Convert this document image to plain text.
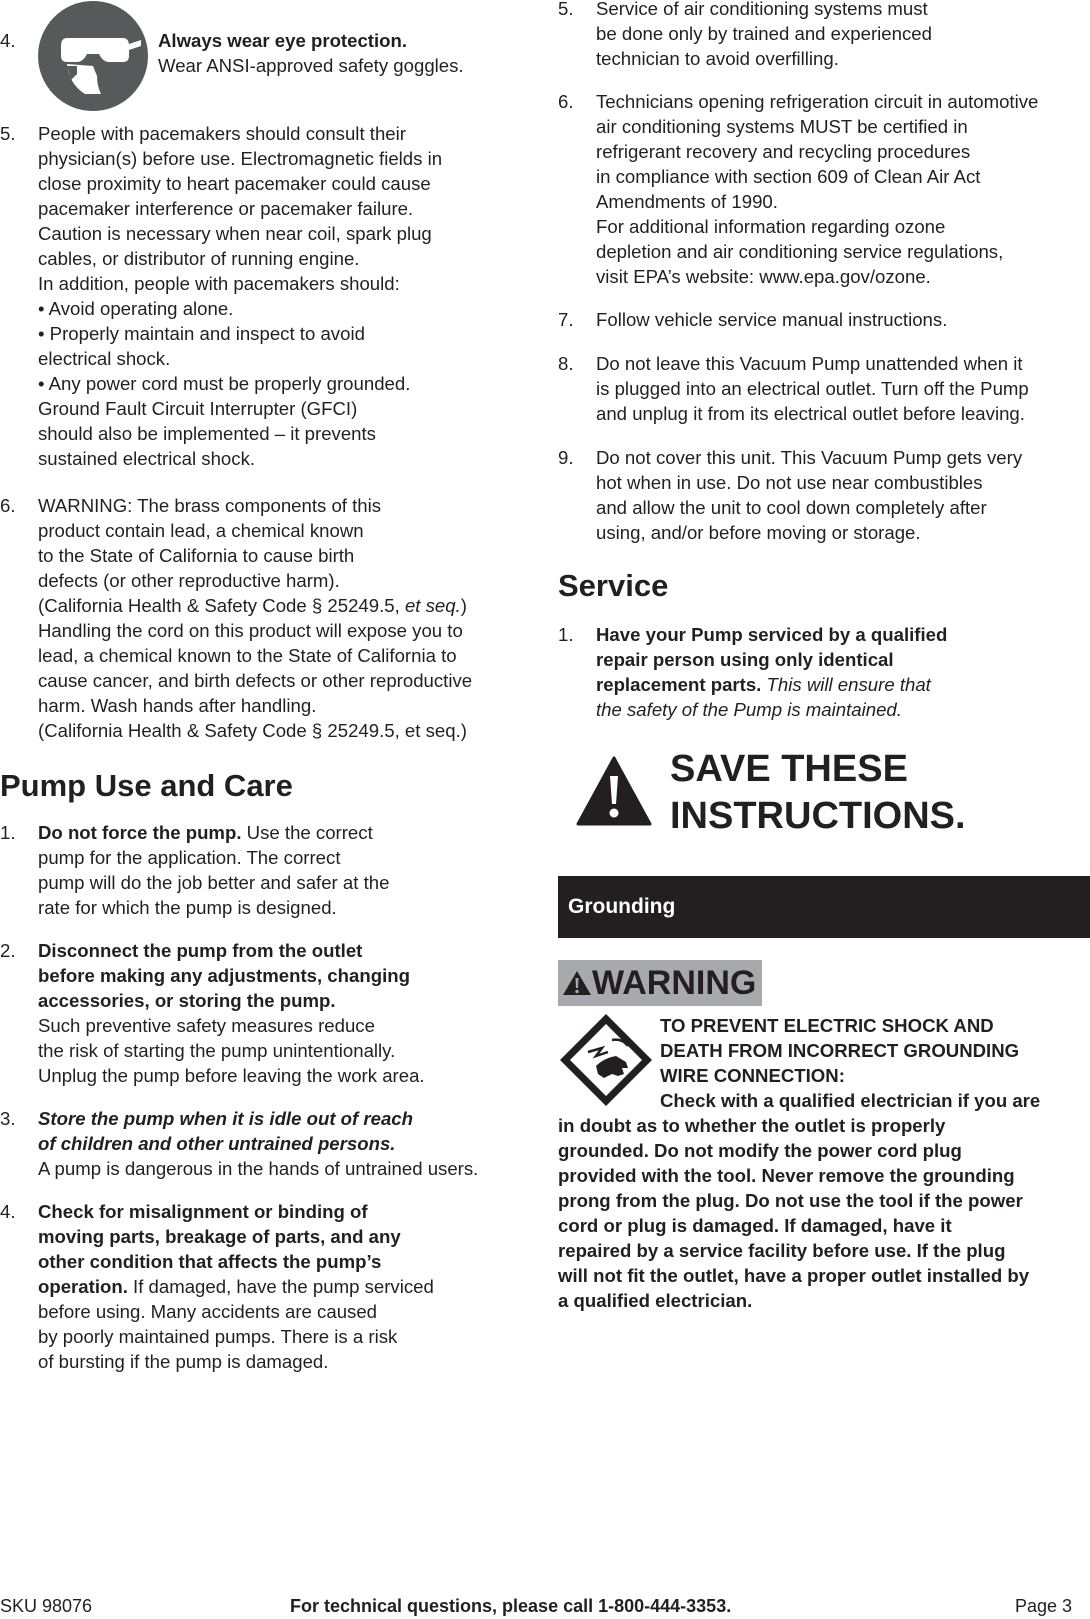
4.	Always wear eye protection.
Wear ANSI-approved safety goggles.
5. People with pacemakers should consult their
physician(s) before use. Electromagnetic fields in
close proximity to heart pacemaker could cause
pacemaker interference or pacemaker failure.
Caution is necessary when near coil, spark plug
cables, or distributor of running engine.
In addition, people with pacemakers should:
• Avoid operating alone.
• Properly maintain and inspect to avoid
electrical shock.
• Any power cord must be properly grounded.
Ground Fault Circuit Interrupter (GFCI)
should also be implemented – it prevents
sustained electrical shock.
6. WARNING: The brass components of this
product contain lead, a chemical known
to the State of California to cause birth
defects (or other reproductive harm).
(California Health & Safety Code § 25249.5, et seq.)
Handling the cord on this product will expose you to
lead, a chemical known to the State of California to
cause cancer, and birth defects or other reproductive
harm. Wash hands after handling.
(California Health & Safety Code § 25249.5, et seq.)
Pump Use and Care
1. Do not force the pump. Use the correct
pump for the application. The correct
pump will do the job better and safer at the
rate for which the pump is designed.
2. Disconnect the pump from the outlet
before making any adjustments, changing
accessories, or storing the pump.
Such preventive safety measures reduce
the risk of starting the pump unintentionally.
Unplug the pump before leaving the work area.
3. Store the pump when it is idle out of reach
of children and other untrained persons.
A pump is dangerous in the hands of untrained users.
4. Check for misalignment or binding of
moving parts, breakage of parts, and any
other condition that affects the pump’s
operation. If damaged, have the pump serviced
before using. Many accidents are caused
by poorly maintained pumps. There is a risk
of bursting if the pump is damaged.
5. Service of air conditioning systems must
be done only by trained and experienced
technician to avoid overfilling.
6. Technicians opening refrigeration circuit in automotive
air conditioning systems MUST be certified in
refrigerant recovery and recycling procedures
in compliance with section 609 of Clean Air Act
Amendments of 1990.
For additional information regarding ozone
depletion and air conditioning service regulations,
visit EPA’s website: www.epa.gov/ozone.
7. Follow vehicle service manual instructions.
8. Do not leave this Vacuum Pump unattended when it
is plugged into an electrical outlet. Turn off the Pump
and unplug it from its electrical outlet before leaving.
9. Do not cover this unit. This Vacuum Pump gets very
hot when in use. Do not use near combustibles
and allow the unit to cool down completely after
using, and/or before moving or storage.
Service
1. Have your Pump serviced by a qualified
repair person using only identical
replacement parts. This will ensure that
the safety of the Pump is maintained.
SAVE THESE
INSTRUCTIONS.
Grounding
WARNING
TO PREVENT ELECTRIC SHOCK AND
DEATH FROM INCORRECT GROUNDING
WIRE CONNECTION:
Check with a qualified electrician if you are
in doubt as to whether the outlet is properly
grounded. Do not modify the power cord plug
provided with the tool. Never remove the grounding
prong from the plug. Do not use the tool if the power
cord or plug is damaged. If damaged, have it
repaired by a service facility before use. If the plug
will not fit the outlet, have a proper outlet installed by
a qualified electrician.
SKU 98076	For technical questions, please call 1-800-444-3353.	Page 3
